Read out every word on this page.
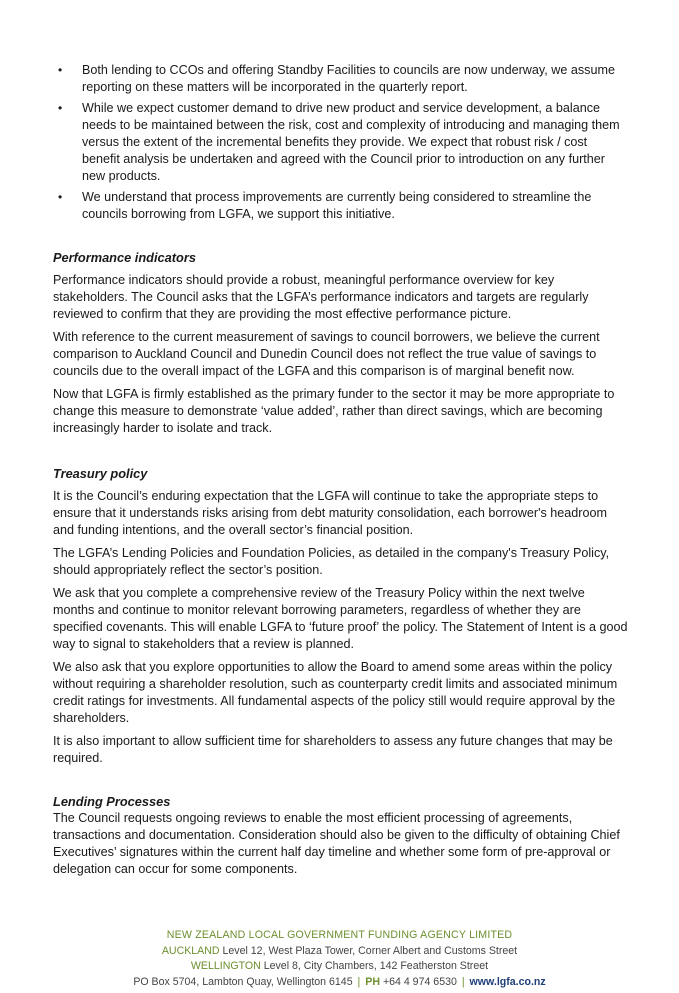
• Both lending to CCOs and offering Standby Facilities to councils are now underway, we assume reporting on these matters will be incorporated in the quarterly report.
• While we expect customer demand to drive new product and service development, a balance needs to be maintained between the risk, cost and complexity of introducing and managing them versus the extent of the incremental benefits they provide. We expect that robust risk / cost benefit analysis be undertaken and agreed with the Council prior to introduction on any further new products.
• We understand that process improvements are currently being considered to streamline the councils borrowing from LGFA, we support this initiative.
Performance indicators

Performance indicators should provide a robust, meaningful performance overview for key stakeholders. The Council asks that the LGFA’s performance indicators and targets are regularly reviewed to confirm that they are providing the most effective performance picture.

With reference to the current measurement of savings to council borrowers, we believe the current comparison to Auckland Council and Dunedin Council does not reflect the true value of savings to councils due to the overall impact of the LGFA and this comparison is of marginal benefit now.

Now that LGFA is firmly established as the primary funder to the sector it may be more appropriate to change this measure to demonstrate ‘value added’, rather than direct savings, which are becoming increasingly harder to isolate and track.

Treasury policy

It is the Council’s enduring expectation that the LGFA will continue to take the appropriate steps to ensure that it understands risks arising from debt maturity consolidation, each borrower's headroom and funding intentions, and the overall sector’s financial position.

The LGFA’s Lending Policies and Foundation Policies, as detailed in the company's Treasury Policy, should appropriately reflect the sector’s position.

We ask that you complete a comprehensive review of the Treasury Policy within the next twelve months and continue to monitor relevant borrowing parameters, regardless of whether they are specified covenants. This will enable LGFA to ‘future proof’ the policy. The Statement of Intent is a good way to signal to stakeholders that a review is planned.

We also ask that you explore opportunities to allow the Board to amend some areas within the policy without requiring a shareholder resolution, such as counterparty credit limits and associated minimum credit ratings for investments. All fundamental aspects of the policy still would require approval by the shareholders.

It is also important to allow sufficient time for shareholders to assess any future changes that may be required.

Lending Processes

The Council requests ongoing reviews to enable the most efficient processing of agreements, transactions and documentation. Consideration should also be given to the difficulty of obtaining Chief Executives’ signatures within the current half day timeline and whether some form of pre-approval or delegation can occur for some components.

NEW ZEALAND LOCAL GOVERNMENT FUNDING AGENCY LIMITED
AUCKLAND Level 12, West Plaza Tower, Corner Albert and Customs Street
WELLINGTON Level 8, City Chambers, 142 Featherston Street
PO Box 5704, Lambton Quay, Wellington 6145 | PH +64 4 974 6530 | www.lgfa.co.nz
